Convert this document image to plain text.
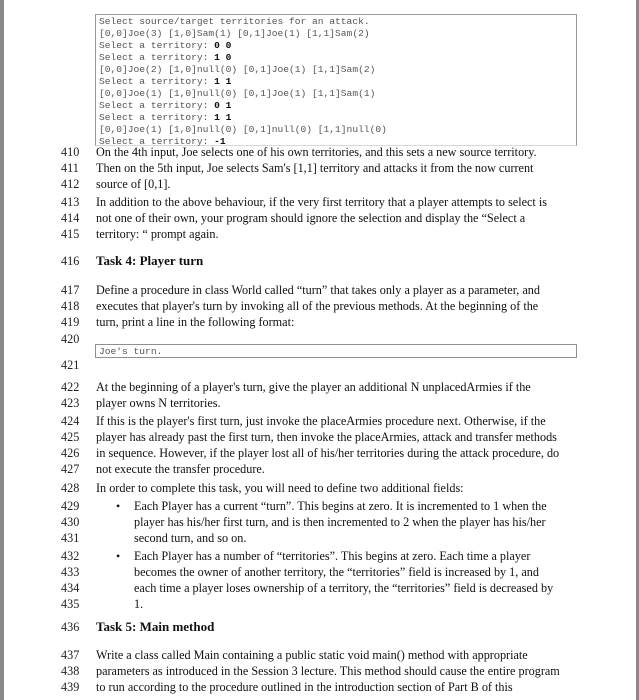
Select source/target territories for an attack.
[0,0]Joe(3) [1,0]Sam(1) [0,1]Joe(1) [1,1]Sam(2)
Select a territory: 0 0
Select a territory: 1 0
[0,0]Joe(2) [1,0]null(0) [0,1]Joe(1) [1,1]Sam(2)
Select a territory: 1 1
[0,0]Joe(1) [1,0]null(0) [0,1]Joe(1) [1,1]Sam(1)
Select a territory: 0 1
Select a territory: 1 1
[0,0]Joe(1) [1,0]null(0) [0,1]null(0) [1,1]null(0)
Select a territory: -1
410	On the 4th input, Joe selects one of his own territories, and this sets a new source territory.
411	Then on the 5th input, Joe selects Sam's [1,1] territory and attacks it from the now current
412	source of [0,1].
413	In addition to the above behaviour, if the very first territory that a player attempts to select is
414	not one of their own, your program should ignore the selection and display the “Select a
415	territory: “ prompt again.
416	Task 4: Player turn
417	Define a procedure in class World called “turn” that takes only a player as a parameter, and
418	executes that player's turn by invoking all of the previous methods. At the beginning of the
419	turn, print a line in the following format:
420
Joe's turn.
421
422	At the beginning of a player's turn, give the player an additional N unplacedArmies if the
423	player owns N territories.
424	If this is the player's first turn, just invoke the placeArmies procedure next. Otherwise, if the
425	player has already past the first turn, then invoke the placeArmies, attack and transfer methods
426	in sequence. However, if the player lost all of his/her territories during the attack procedure, do
427	not execute the transfer procedure.
428	In order to complete this task, you will need to define two additional fields:
429	• Each Player has a current “turn”. This begins at zero. It is incremented to 1 when the
430	player has his/her first turn, and is then incremented to 2 when the player has his/her
431	second turn, and so on.
432	• Each Player has a number of “territories”. This begins at zero. Each time a player
433	becomes the owner of another territory, the “territories” field is increased by 1, and
434	each time a player loses ownership of a territory, the “territories” field is decreased by
435	1.
436	Task 5: Main method
437	Write a class called Main containing a public static void main() method with appropriate
438	parameters as introduced in the Session 3 lecture. This method should cause the entire program
439	to run according to the procedure outlined in the introduction section of Part B of this
